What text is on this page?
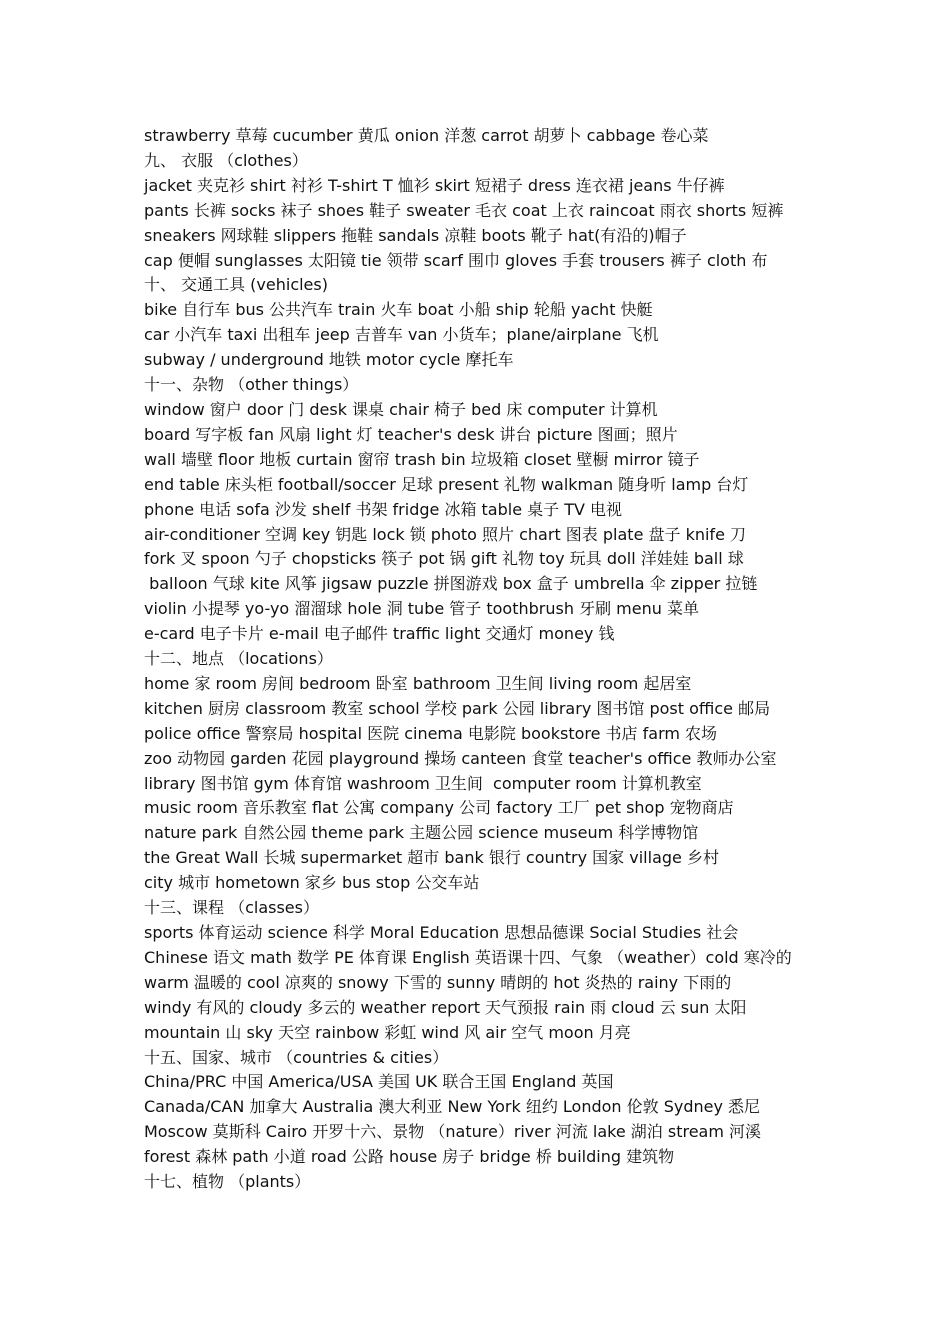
strawberry 草莓 cucumber 黄瓜 onion 洋葱 carrot 胡萝卜 cabbage 卷心菜
九、 衣服 （clothes）
jacket 夹克衫 shirt 衬衫 T-shirt T 恤衫 skirt 短裙子 dress 连衣裙 jeans 牛仔裤
pants 长裤 socks 袜子 shoes 鞋子 sweater 毛衣 coat 上衣 raincoat 雨衣 shorts 短裤
sneakers 网球鞋 slippers 拖鞋 sandals 凉鞋 boots 靴子 hat(有沿的)帽子
cap 便帽 sunglasses 太阳镜 tie 领带 scarf 围巾 gloves 手套 trousers 裤子 cloth 布
十、 交通工具 (vehicles)
bike 自行车 bus 公共汽车 train 火车 boat 小船 ship 轮船 yacht 快艇
car 小汽车 taxi 出租车 jeep 吉普车 van 小货车；plane/airplane 飞机
subway / underground 地铁 motor cycle 摩托车
十一、杂物 （other things）
window 窗户 door 门 desk 课桌 chair 椅子 bed 床 computer 计算机
board 写字板 fan 风扇 light 灯 teacher's desk 讲台 picture 图画；照片
wall 墙壁 floor 地板 curtain 窗帘 trash bin 垃圾箱 closet 壁橱 mirror 镜子
end table 床头柜 football/soccer 足球 present 礼物 walkman 随身听 lamp 台灯
phone 电话 sofa 沙发 shelf 书架 fridge 冰箱 table 桌子 TV 电视
air-conditioner 空调 key 钥匙 lock 锁 photo 照片 chart 图表 plate 盘子 knife 刀
fork 叉 spoon 勺子 chopsticks 筷子 pot 锅 gift 礼物 toy 玩具 doll 洋娃娃 ball 球
balloon 气球 kite 风筝 jigsaw puzzle 拼图游戏 box 盒子 umbrella 伞 zipper 拉链
violin 小提琴 yo-yo 溜溜球 hole 洞 tube 管子 toothbrush 牙刷 menu 菜单
e-card 电子卡片 e-mail 电子邮件 traffic light 交通灯 money 钱
十二、地点 （locations）
home 家 room 房间 bedroom 卧室 bathroom 卫生间 living room 起居室
kitchen 厨房 classroom 教室 school 学校 park 公园 library 图书馆 post office 邮局
police office 警察局 hospital 医院 cinema 电影院 bookstore 书店 farm 农场
zoo 动物园 garden 花园 playground 操场 canteen 食堂 teacher's office 教师办公室
library 图书馆 gym 体育馆 washroom 卫生间  computer room 计算机教室
music room 音乐教室 flat 公寓 company 公司 factory 工厂 pet shop 宠物商店
nature park 自然公园 theme park 主题公园 science museum 科学博物馆
the Great Wall 长城 supermarket 超市 bank 银行 country 国家 village 乡村
city 城市 hometown 家乡 bus stop 公交车站
十三、课程 （classes）
sports 体育运动 science 科学 Moral Education 思想品德课 Social Studies 社会
Chinese 语文 math 数学 PE 体育课 English 英语课十四、气象 （weather）cold 寒冷的
warm 温暖的 cool 凉爽的 snowy 下雪的 sunny 晴朗的 hot 炎热的 rainy 下雨的
windy 有风的 cloudy 多云的 weather report 天气预报 rain 雨 cloud 云 sun 太阳
mountain 山 sky 天空 rainbow 彩虹 wind 风 air 空气 moon 月亮
十五、国家、城市 （countries & cities）
China/PRC 中国 America/USA 美国 UK 联合王国 England 英国
Canada/CAN 加拿大 Australia 澳大利亚 New York 纽约 London 伦敦 Sydney 悉尼
Moscow 莫斯科 Cairo 开罗十六、景物 （nature）river 河流 lake 湖泊 stream 河溪
forest 森林 path 小道 road 公路 house 房子 bridge 桥 building 建筑物
十七、植物 （plants）
